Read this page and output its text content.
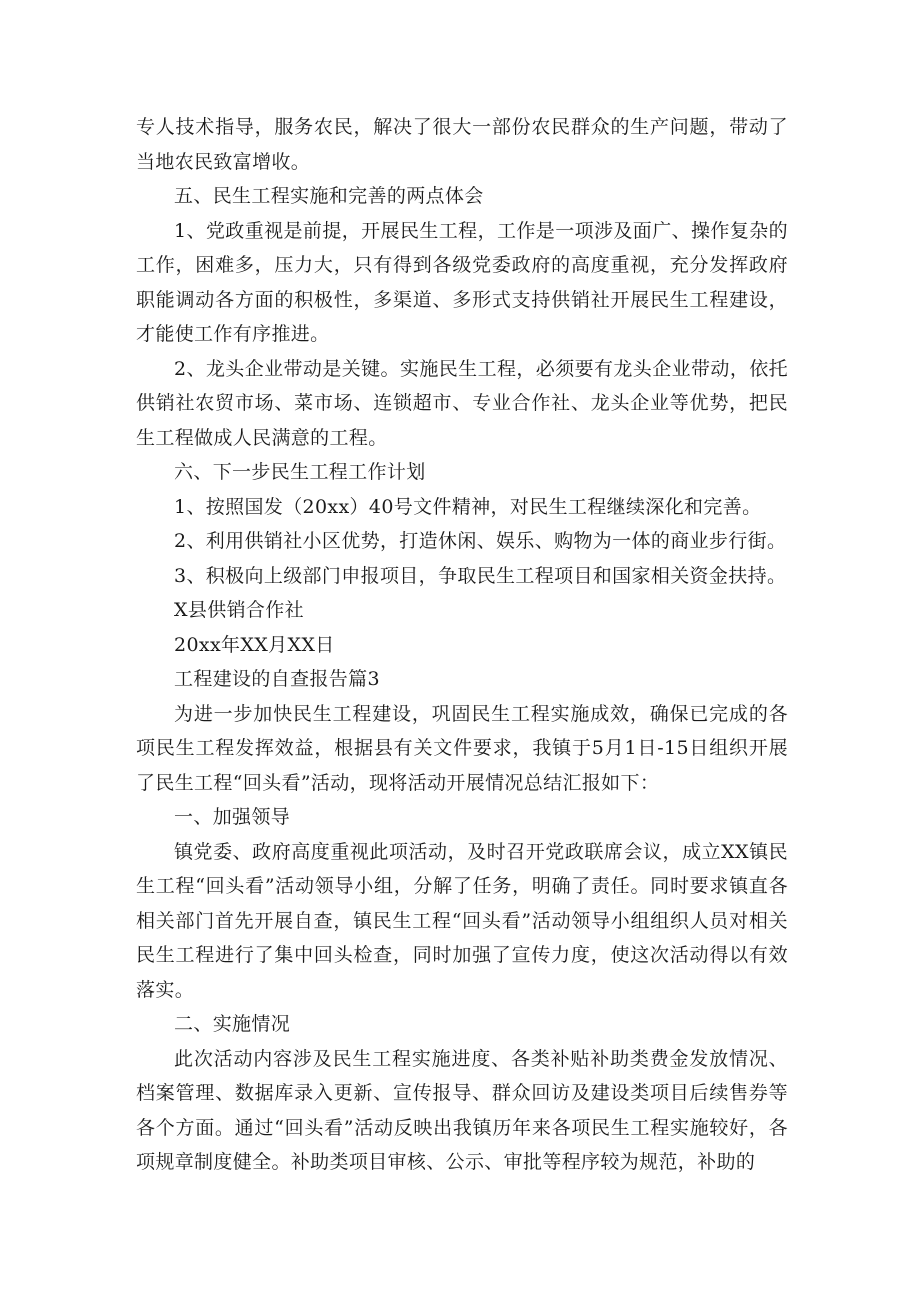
专人技术指导，服务农民，解决了很大一部份农民群众的生产问题，带动了当地农民致富增收。

五、民生工程实施和完善的两点体会

1、党政重视是前提，开展民生工程，工作是一项涉及面广、操作复杂的工作，困难多，压力大，只有得到各级党委政府的高度重视，充分发挥政府职能调动各方面的积极性，多渠道、多形式支持供销社开展民生工程建设，才能使工作有序推进。

2、龙头企业带动是关键。实施民生工程，必须要有龙头企业带动，依托供销社农贸市场、菜市场、连锁超市、专业合作社、龙头企业等优势，把民生工程做成人民满意的工程。

六、下一步民生工程工作计划

1、按照国发（20xx）40号文件精神，对民生工程继续深化和完善。

2、利用供销社小区优势，打造休闲、娱乐、购物为一体的商业步行街。

3、积极向上级部门申报项目，争取民生工程项目和国家相关资金扶持。

X县供销合作社

20xx年XX月XX日

工程建设的自查报告篇3

为进一步加快民生工程建设，巩固民生工程实施成效，确保已完成的各项民生工程发挥效益，根据县有关文件要求，我镇于5月1日-15日组织开展了民生工程“回头看”活动，现将活动开展情况总结汇报如下：

一、加强领导

镇党委、政府高度重视此项活动，及时召开党政联席会议，成立XX镇民生工程“回头看”活动领导小组，分解了任务，明确了责任。同时要求镇直各相关部门首先开展自查，镇民生工程“回头看”活动领导小组组织人员对相关民生工程进行了集中回头检查，同时加强了宣传力度，使这次活动得以有效落实。

二、实施情况

此次活动内容涉及民生工程实施进度、各类补贴补助类费金发放情况、档案管理、数据库录入更新、宣传报导、群众回访及建设类项目后续售券等各个方面。通过“回头看”活动反映出我镇历年来各项民生工程实施较好，各项规章制度健全。补助类项目审核、公示、审批等程序较为规范，补助的
